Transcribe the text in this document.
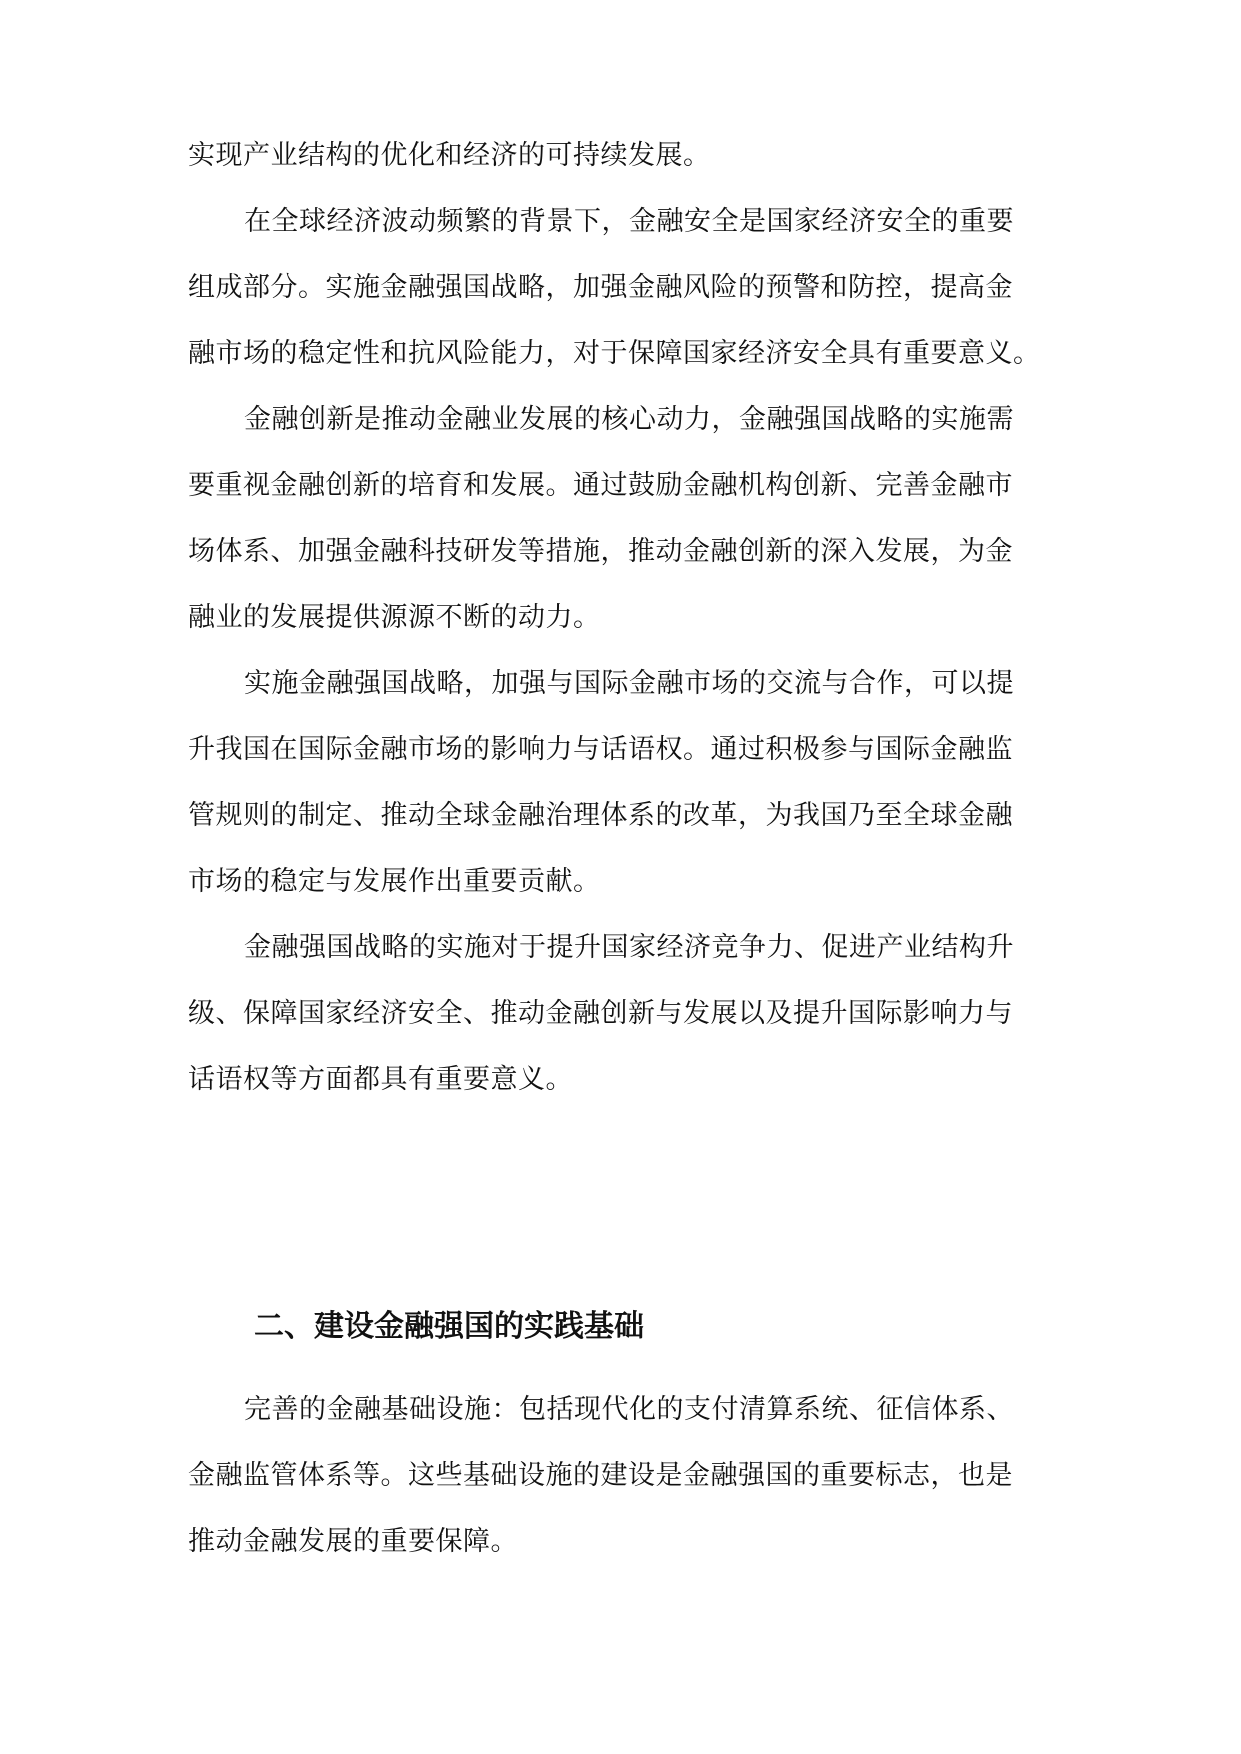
实现产业结构的优化和经济的可持续发展。

在全球经济波动频繁的背景下，金融安全是国家经济安全的重要

组成部分。实施金融强国战略，加强金融风险的预警和防控，提高金

融市场的稳定性和抗风险能力，对于保障国家经济安全具有重要意义。

金融创新是推动金融业发展的核心动力，金融强国战略的实施需

要重视金融创新的培育和发展。通过鼓励金融机构创新、完善金融市

场体系、加强金融科技研发等措施，推动金融创新的深入发展，为金

融业的发展提供源源不断的动力。

实施金融强国战略，加强与国际金融市场的交流与合作，可以提

升我国在国际金融市场的影响力与话语权。通过积极参与国际金融监

管规则的制定、推动全球金融治理体系的改革，为我国乃至全球金融

市场的稳定与发展作出重要贡献。

金融强国战略的实施对于提升国家经济竞争力、促进产业结构升

级、保障国家经济安全、推动金融创新与发展以及提升国际影响力与

话语权等方面都具有重要意义。

二、建设金融强国的实践基础

完善的金融基础设施：包括现代化的支付清算系统、征信体系、

金融监管体系等。这些基础设施的建设是金融强国的重要标志，也是

推动金融发展的重要保障。
